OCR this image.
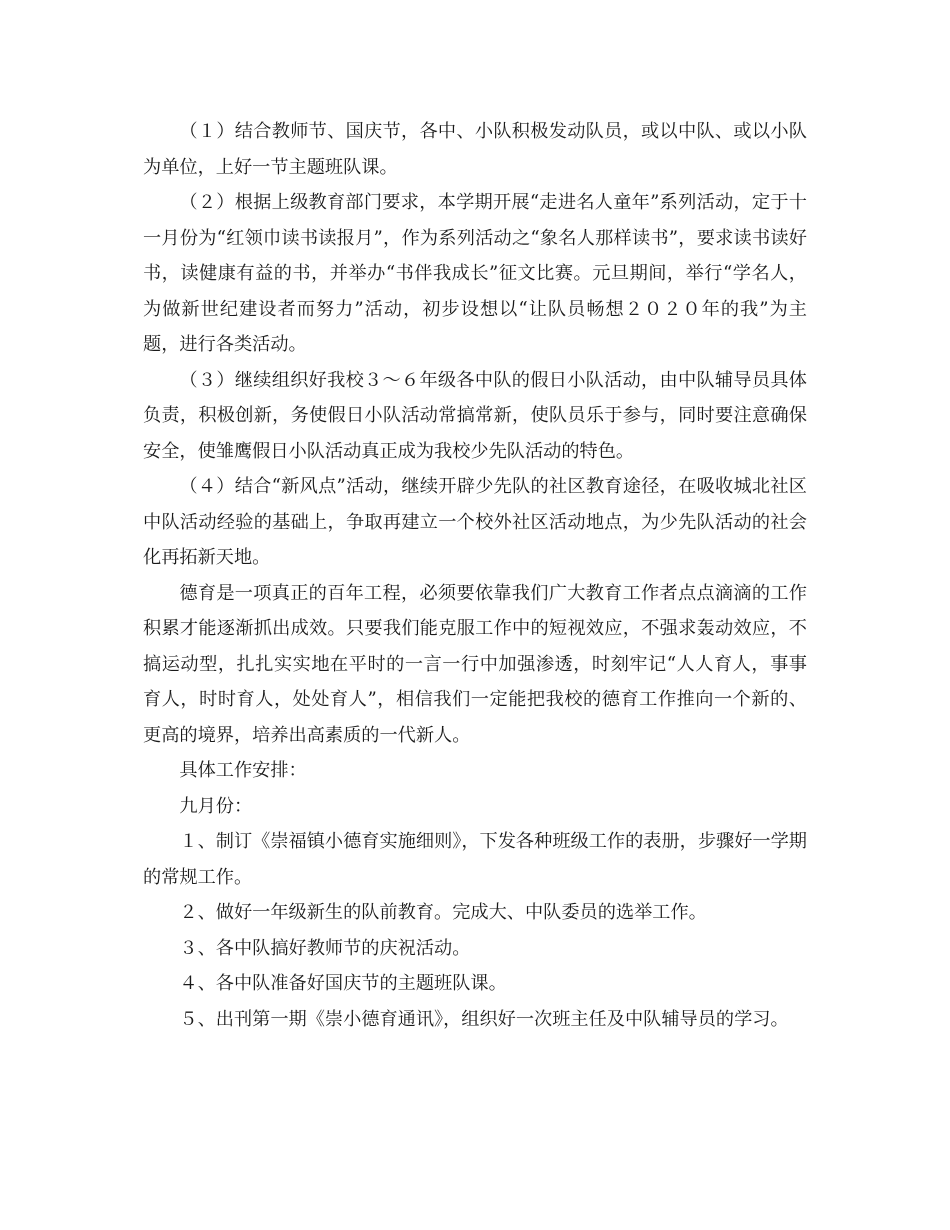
（１）结合教师节、国庆节，各中、小队积极发动队员，或以中队、或以小队为单位，上好一节主题班队课。

（２）根据上级教育部门要求，本学期开展“走进名人童年”系列活动，定于十一月份为“红领巾读书读报月”，作为系列活动之“象名人那样读书”，要求读书读好书，读健康有益的书，并举办“书伴我成长”征文比赛。元旦期间，举行“学名人，为做新世纪建设者而努力”活动，初步设想以“让队员畅想２０２０年的我”为主题，进行各类活动。

（３）继续组织好我校３～６年级各中队的假日小队活动，由中队辅导员具体负责，积极创新，务使假日小队活动常搞常新，使队员乐于参与，同时要注意确保安全，使雏鹰假日小队活动真正成为我校少先队活动的特色。

（４）结合“新风点”活动，继续开辟少先队的社区教育途径，在吸收城北社区中队活动经验的基础上，争取再建立一个校外社区活动地点，为少先队活动的社会化再拓新天地。

德育是一项真正的百年工程，必须要依靠我们广大教育工作者点点滴滴的工作积累才能逐渐抓出成效。只要我们能克服工作中的短视效应，不强求轰动效应，不搞运动型，扎扎实实地在平时的一言一行中加强渗透，时刻牢记“人人育人，事事育人，时时育人，处处育人”，相信我们一定能把我校的德育工作推向一个新的、更高的境界，培养出高素质的一代新人。

具体工作安排：

九月份：

１、制订《崇福镇小德育实施细则》，下发各种班级工作的表册，步骤好一学期的常规工作。

２、做好一年级新生的队前教育。完成大、中队委员的选举工作。

３、各中队搞好教师节的庆祝活动。

４、各中队准备好国庆节的主题班队课。

５、出刊第一期《崇小德育通讯》，组织好一次班主任及中队辅导员的学习。
